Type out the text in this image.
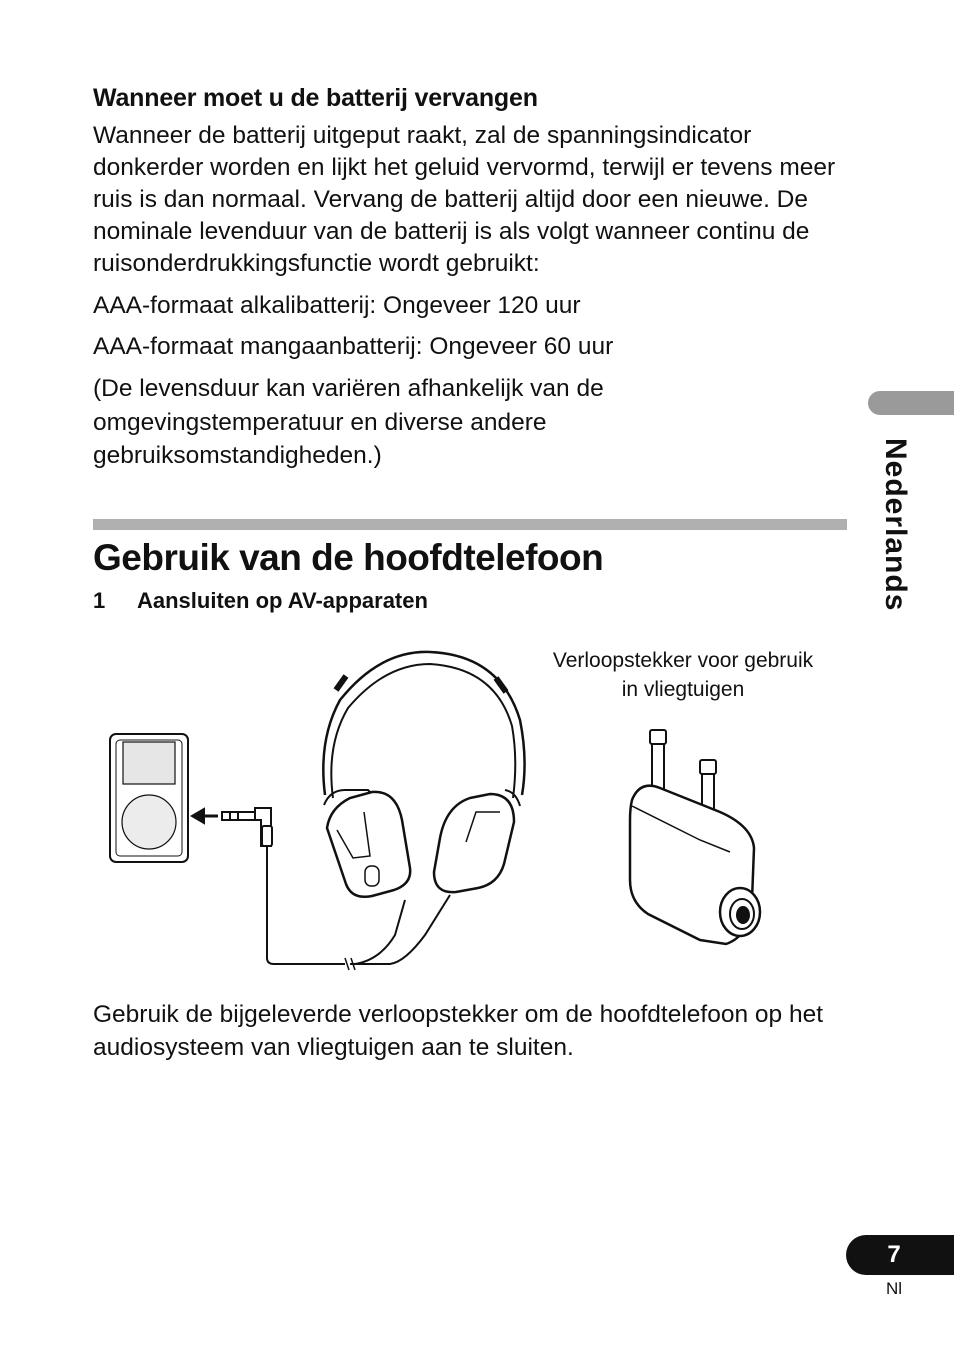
Wanneer moet u de batterij vervangen
Wanneer de batterij uitgeput raakt, zal de spanningsindicator donkerder worden en lijkt het geluid vervormd, terwijl er tevens meer ruis is dan normaal. Vervang de batterij altijd door een nieuwe. De nominale levenduur van de batterij is als volgt wanneer continu de ruisonderdrukkingsfunctie wordt gebruikt:
AAA-formaat alkalibatterij: Ongeveer 120 uur
AAA-formaat mangaanbatterij: Ongeveer 60 uur
(De levensduur kan variëren afhankelijk van de omgevingstemperatuur en diverse andere gebruiksomstandigheden.)
Gebruik van de hoofdtelefoon
1 Aansluiten op AV-apparaten
Verloopstekker voor gebruik
in vliegtuigen
Gebruik de bijgeleverde verloopstekker om de hoofdtelefoon op het audiosysteem van vliegtuigen aan te sluiten.
Nederlands
7
Nl
